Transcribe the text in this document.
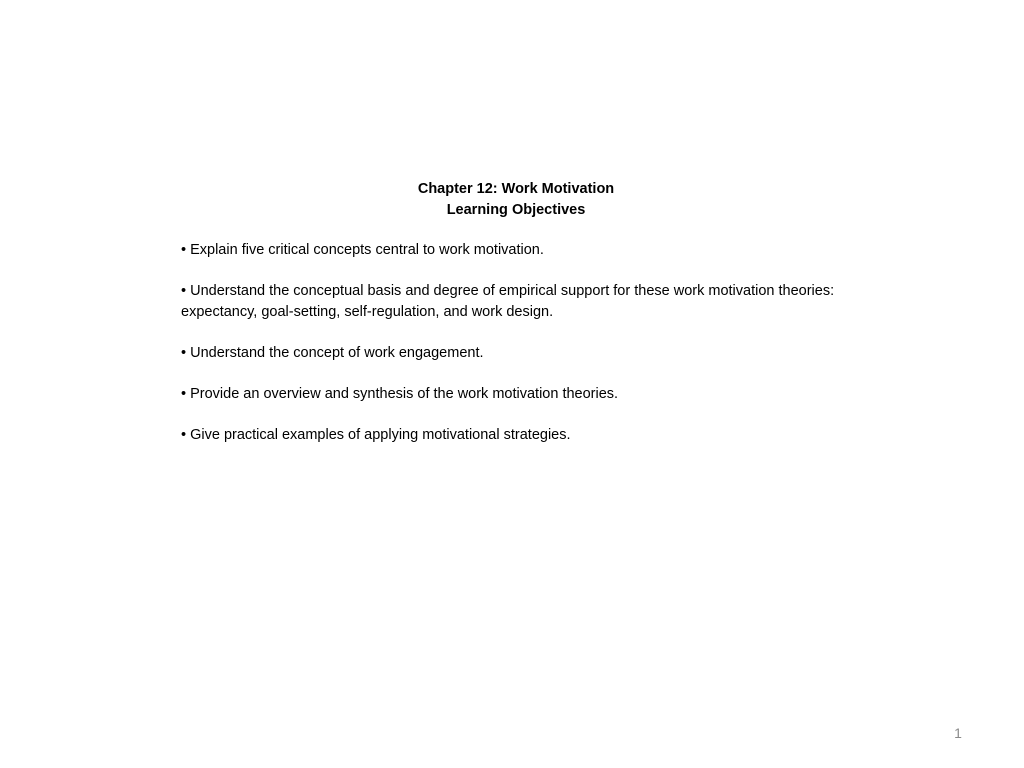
Chapter 12: Work Motivation
Learning Objectives

• Explain five critical concepts central to work motivation.

• Understand the conceptual basis and degree of empirical support for these work motivation theories: expectancy, goal-setting, self-regulation, and work design.

• Understand the concept of work engagement.

• Provide an overview and synthesis of the work motivation theories.

• Give practical examples of applying motivational strategies.

1
